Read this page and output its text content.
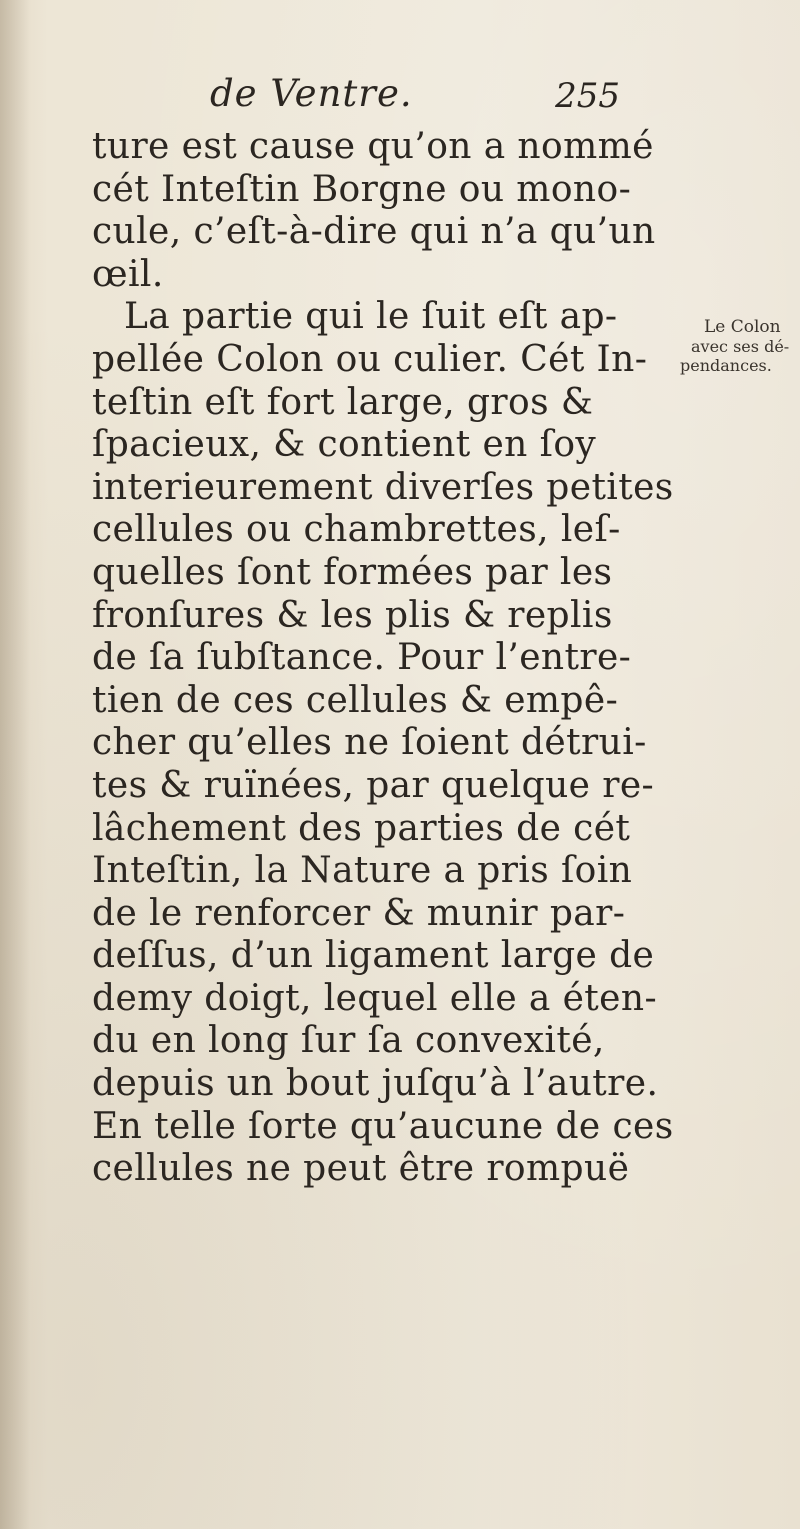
de Ventre.	255
ture est cause qu’on a nommé
cét Inteſtin Borgne ou mono-
cule, c’eſt-à-dire qui n’a qu’un
œil.
La partie qui le ſuit eſt ap-
pellée Colon ou culier. Cét In-
teſtin eſt fort large, gros &
ſpacieux, & contient en ſoy
interieurement diverſes petites
cellules ou chambrettes, leſ-
quelles ſont formées par les
fronſures & les plis & replis
de ſa ſubſtance. Pour l’entre-
tien de ces cellules & empê-
cher qu’elles ne ſoient détrui-
tes & ruïnées, par quelque re-
lâchement des parties de cét
Inteſtin, la Nature a pris ſoin
de le renforcer & munir par-
deſſus, d’un ligament large de
demy doigt, lequel elle a éten-
du en long ſur ſa convexité,
depuis un bout juſqu’à l’autre.
En telle ſorte qu’aucune de ces
cellules ne peut être rompuë
Le Colon
avec ses dé-
pendances.
